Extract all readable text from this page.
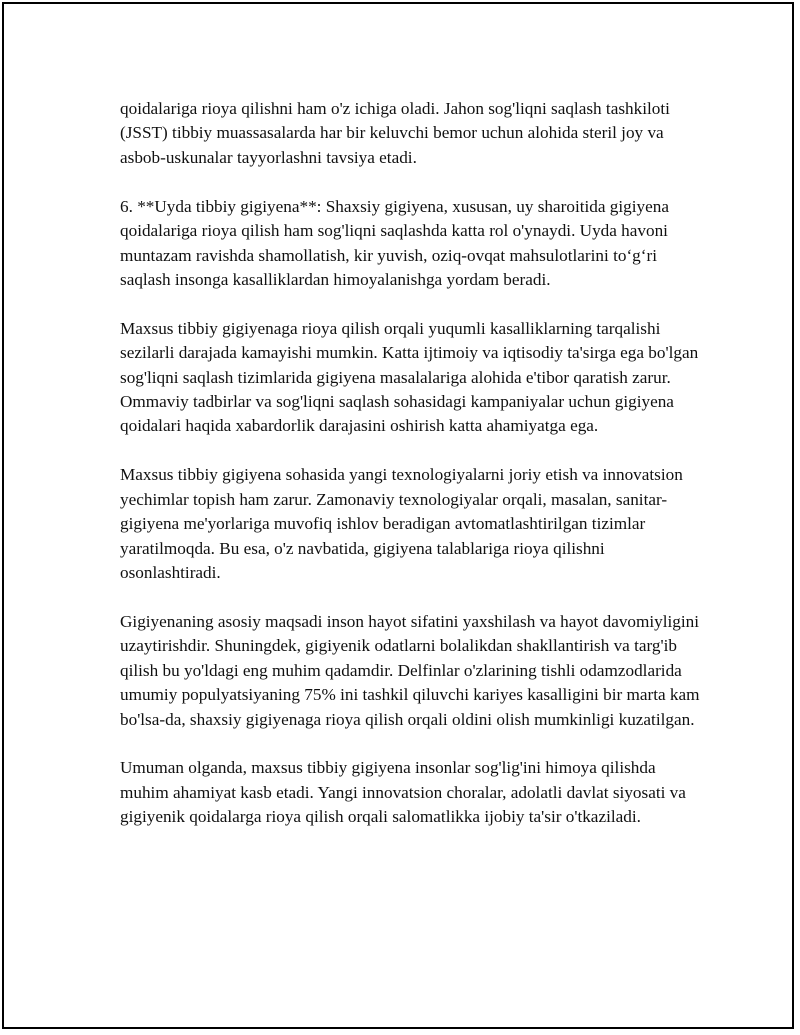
qoidalariga rioya qilishni ham o'z ichiga oladi. Jahon sog'liqni saqlash tashkiloti (JSST) tibbiy muassasalarda har bir keluvchi bemor uchun alohida steril joy va asbob-uskunalar tayyorlashni tavsiya etadi.

6. **Uyda tibbiy gigiyena**: Shaxsiy gigiyena, xususan, uy sharoitida gigiyena qoidalariga rioya qilish ham sog'liqni saqlashda katta rol o'ynaydi. Uyda havoni muntazam ravishda shamollatish, kir yuvish, oziq-ovqat mahsulotlarini to‘g‘ri saqlash insonga kasalliklardan himoyalanishga yordam beradi.

Maxsus tibbiy gigiyenaga rioya qilish orqali yuqumli kasalliklarning tarqalishi sezilarli darajada kamayishi mumkin. Katta ijtimoiy va iqtisodiy ta'sirga ega bo'lgan sog'liqni saqlash tizimlarida gigiyena masalalariga alohida e'tibor qaratish zarur. Ommaviy tadbirlar va sog'liqni saqlash sohasidagi kampaniyalar uchun gigiyena qoidalari haqida xabardorlik darajasini oshirish katta ahamiyatga ega.

Maxsus tibbiy gigiyena sohasida yangi texnologiyalarni joriy etish va innovatsion yechimlar topish ham zarur. Zamonaviy texnologiyalar orqali, masalan, sanitar-gigiyena me'yorlariga muvofiq ishlov beradigan avtomatlashtirilgan tizimlar yaratilmoqda. Bu esa, o'z navbatida, gigiyena talablariga rioya qilishni osonlashtiradi.

Gigiyenaning asosiy maqsadi inson hayot sifatini yaxshilash va hayot davomiyligini uzaytirishdir. Shuningdek, gigiyenik odatlarni bolalikdan shakllantirish va targ'ib qilish bu yo'ldagi eng muhim qadamdir. Delfinlar o'zlarining tishli odamzodlarida umumiy populyatsiyaning 75% ini tashkil qiluvchi kariyes kasalligini bir marta kam bo'lsa-da, shaxsiy gigiyenaga rioya qilish orqali oldini olish mumkinligi kuzatilgan.

Umuman olganda, maxsus tibbiy gigiyena insonlar sog'lig'ini himoya qilishda muhim ahamiyat kasb etadi. Yangi innovatsion choralar, adolatli davlat siyosati va gigiyenik qoidalarga rioya qilish orqali salomatlikka ijobiy ta'sir o'tkaziladi.
